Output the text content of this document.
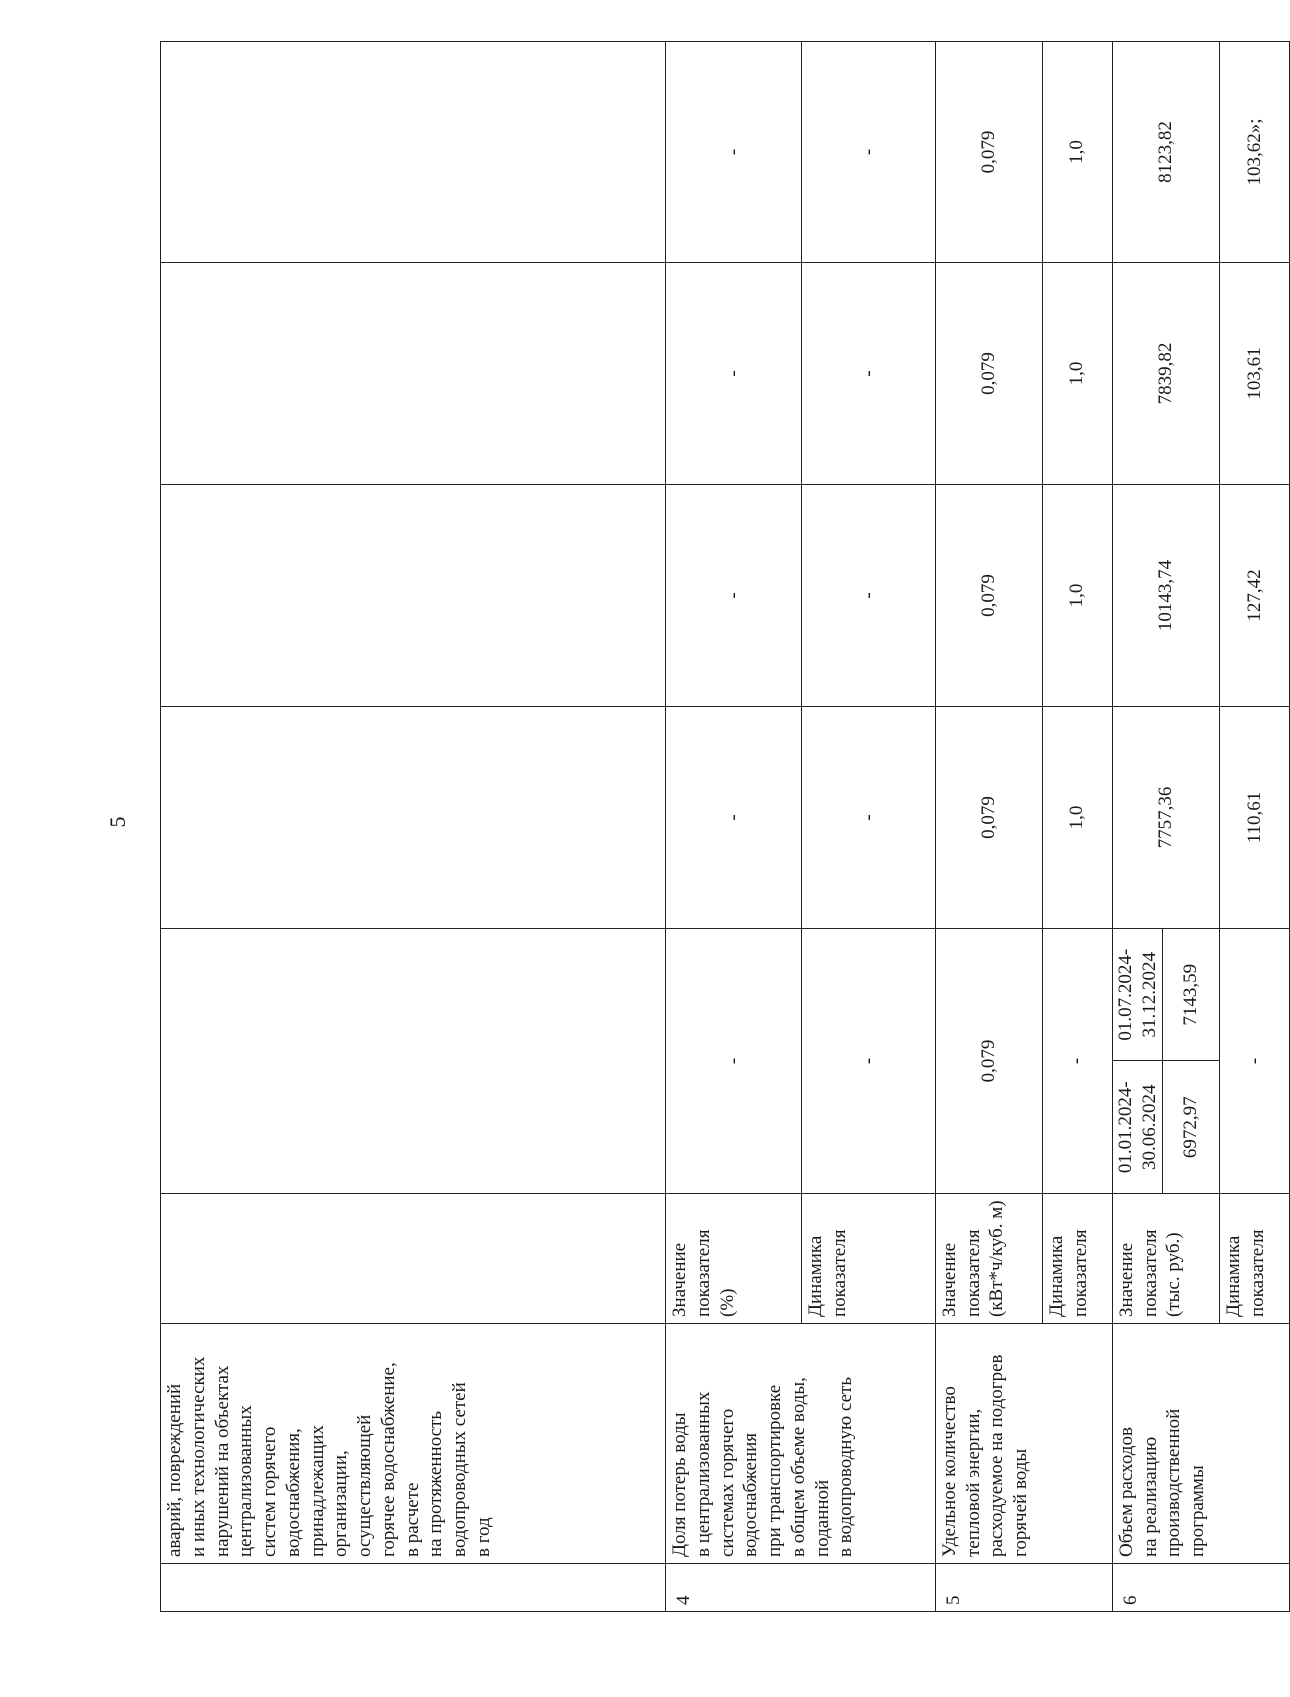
5

аварий, повреждений и иных технологических нарушений на объектах централизованных систем горячего водоснабжения, принадлежащих организации, осуществляющей горячее водоснабжение, в расчете на протяженность водопроводных сетей в год

4	
Доля потерь воды в централизованных системах горячего водоснабжения при транспортировке в общем объеме воды, поданной в водопроводную сеть

Значение показателя (%)
	-	-	-	-	-

Динамика показателя
	-	-	-	-	-
5	
Удельное количество тепловой энергии, расходуемое на подогрев горячей воды

Значение показателя (кВт*ч/куб. м)
	0,079	0,079	0,079	0,079	0,079

Динамика показателя
	-	1,0	1,0	1,0	1,0
6	
Объем расходов на реализацию производственной программы

Значение показателя (тыс. руб.)

01.01.2024-30.06.2024	01.07.2024-31.12.2024
6972,97	7143,59
	7757,36	10143,74	7839,82	8123,82

Динамика показателя
	-	110,61	127,42	103,61	103,62»;
